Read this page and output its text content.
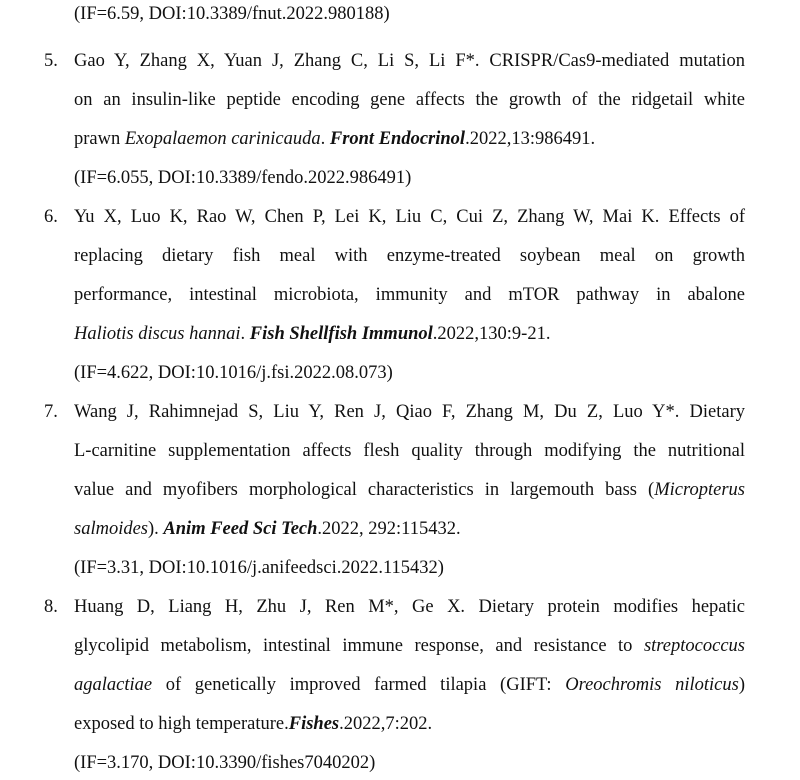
(IF=6.59, DOI:10.3389/fnut.2022.980188)
5. Gao Y, Zhang X, Yuan J, Zhang C, Li S, Li F*. CRISPR/Cas9-mediated mutation
on an insulin-like peptide encoding gene affects the growth of the ridgetail white
prawn Exopalaemon carinicauda. Front Endocrinol.2022,13:986491.
(IF=6.055, DOI:10.3389/fendo.2022.986491)
6. Yu X, Luo K, Rao W, Chen P, Lei K, Liu C, Cui Z, Zhang W, Mai K. Effects of
replacing dietary fish meal with enzyme-treated soybean meal on growth
performance, intestinal microbiota, immunity and mTOR pathway in abalone
Haliotis discus hannai. Fish Shellfish Immunol.2022,130:9-21.
(IF=4.622, DOI:10.1016/j.fsi.2022.08.073)
7. Wang J, Rahimnejad S, Liu Y, Ren J, Qiao F, Zhang M, Du Z, Luo Y*. Dietary
L-carnitine supplementation affects flesh quality through modifying the nutritional
value and myofibers morphological characteristics in largemouth bass (Micropterus
salmoides). Anim Feed Sci Tech.2022, 292:115432.
(IF=3.31, DOI:10.1016/j.anifeedsci.2022.115432)
8. Huang D, Liang H, Zhu J, Ren M*, Ge X. Dietary protein modifies hepatic
glycolipid metabolism, intestinal immune response, and resistance to streptococcus
agalactiae of genetically improved farmed tilapia (GIFT: Oreochromis niloticus)
exposed to high temperature.Fishes.2022,7:202.
(IF=3.170, DOI:10.3390/fishes7040202)
